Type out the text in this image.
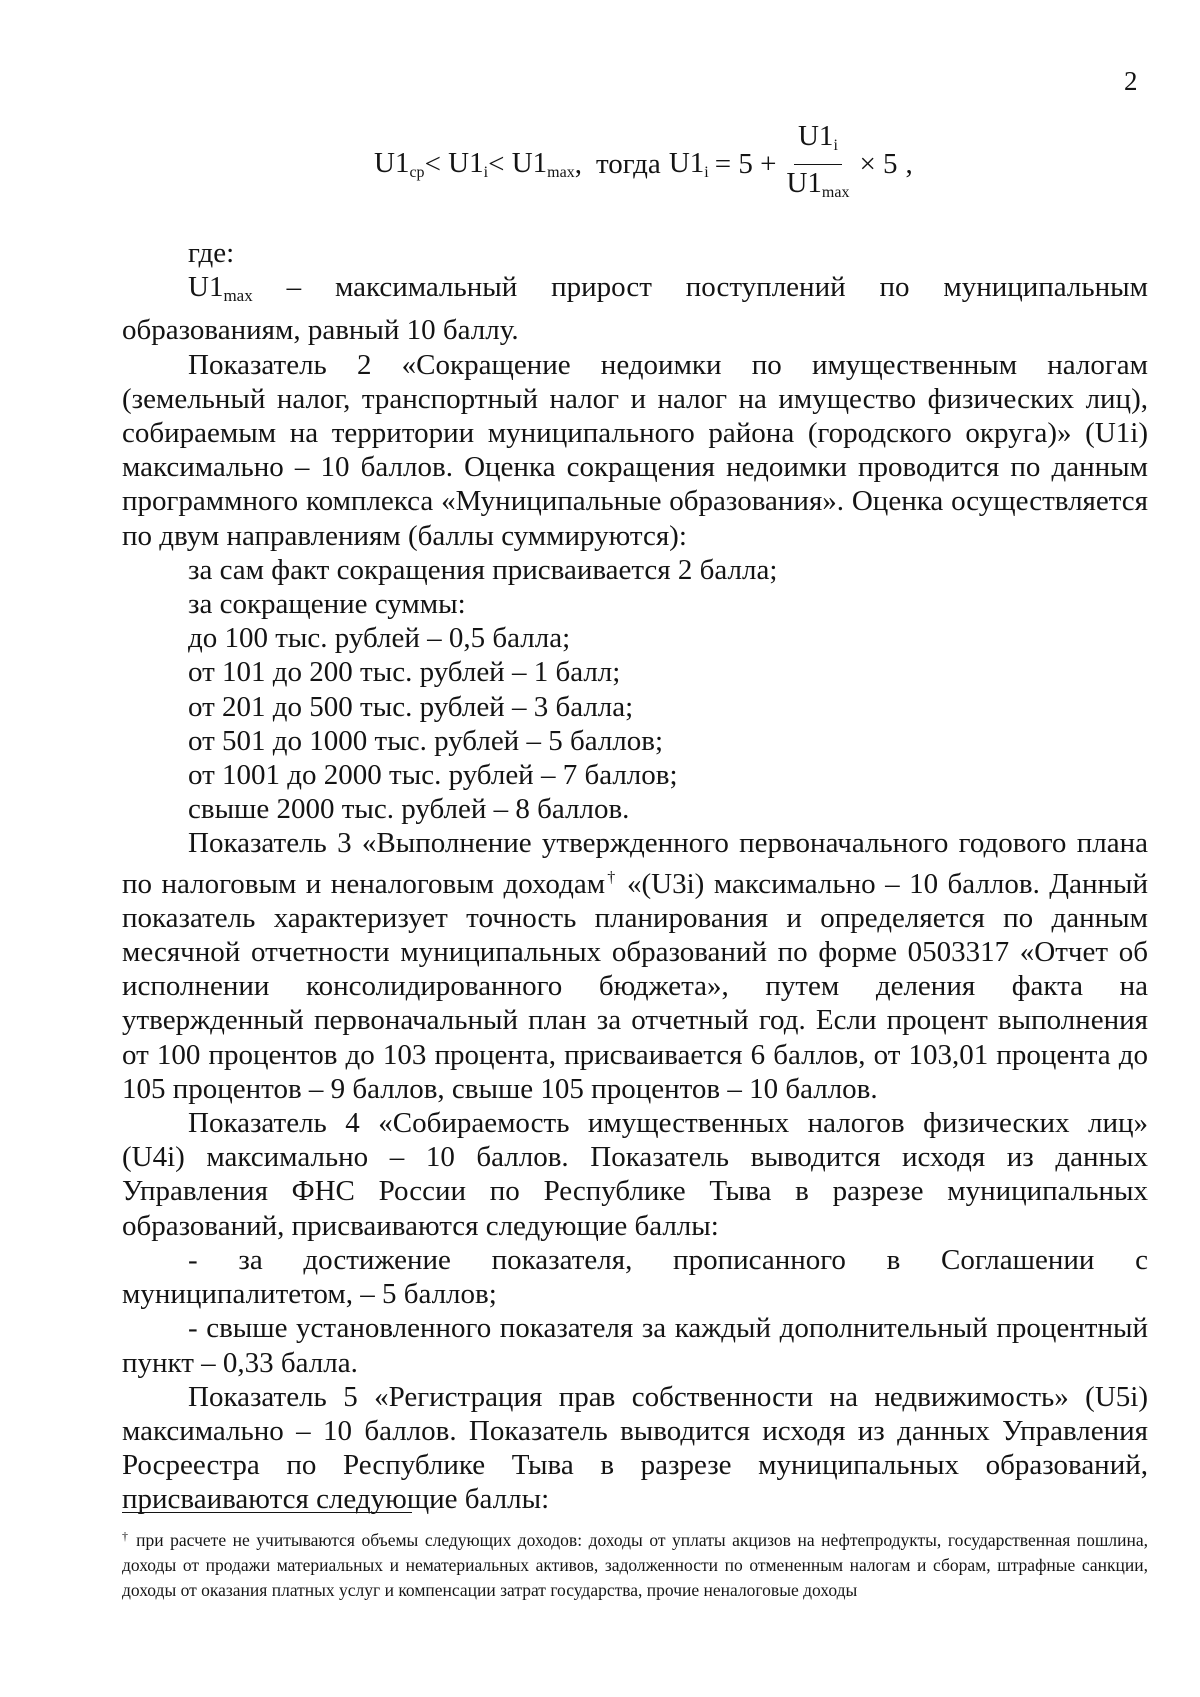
2
$U1_{ср} < U1_i < U1_{max}$ , тогда $U1_i = 5 + \frac{U1_i}{U1_{max}} \times 5$ ,

где:

$U1_{max}$ – максимальный прирост поступлений по муниципальным образованиям, равный 10 баллу.

Показатель 2 «Сокращение недоимки по имущественным налогам (земельный налог, транспортный налог и налог на имущество физических лиц), собираемым на территории муниципального района (городского округа)» (U1i) максимально – 10 баллов. Оценка сокращения недоимки проводится по данным программного комплекса «Муниципальные образования». Оценка осуществляется по двум направлениям (баллы суммируются):

за сам факт сокращения присваивается 2 балла;

за сокращение суммы:

до 100 тыс. рублей – 0,5 балла;

от 101 до 200 тыс. рублей – 1 балл;

от 201 до 500 тыс. рублей – 3 балла;

от 501 до 1000 тыс. рублей – 5 баллов;

от 1001 до 2000 тыс. рублей – 7 баллов;

свыше 2000 тыс. рублей – 8 баллов.

Показатель 3 «Выполнение утвержденного первоначального годового плана по налоговым и неналоговым доходам† «(U3i) максимально – 10 баллов. Данный показатель характеризует точность планирования и определяется по данным месячной отчетности муниципальных образований по форме 0503317 «Отчет об исполнении консолидированного бюджета», путем деления факта на утвержденный первоначальный план за отчетный год. Если процент выполнения от 100 процентов до 103 процента, присваивается 6 баллов, от 103,01 процента до 105 процентов – 9 баллов, свыше 105 процентов – 10 баллов.

Показатель 4 «Собираемость имущественных налогов физических лиц» (U4i) максимально – 10 баллов. Показатель выводится исходя из данных Управления ФНС России по Республике Тыва в разрезе муниципальных образований, присваиваются следующие баллы:

- за достижение показателя, прописанного в Соглашении с муниципалитетом, – 5 баллов;

- свыше установленного показателя за каждый дополнительный процентный пункт – 0,33 балла.

Показатель 5 «Регистрация прав собственности на недвижимость» (U5i) максимально – 10 баллов. Показатель выводится исходя из данных Управления Росреестра по Республике Тыва в разрезе муниципальных образований, присваиваются следующие баллы:

† при расчете не учитываются объемы следующих доходов: доходы от уплаты акцизов на нефтепродукты, государственная пошлина, доходы от продажи материальных и нематериальных активов, задолженности по отмененным налогам и сборам, штрафные санкции, доходы от оказания платных услуг и компенсации затрат государства, прочие неналоговые доходы
